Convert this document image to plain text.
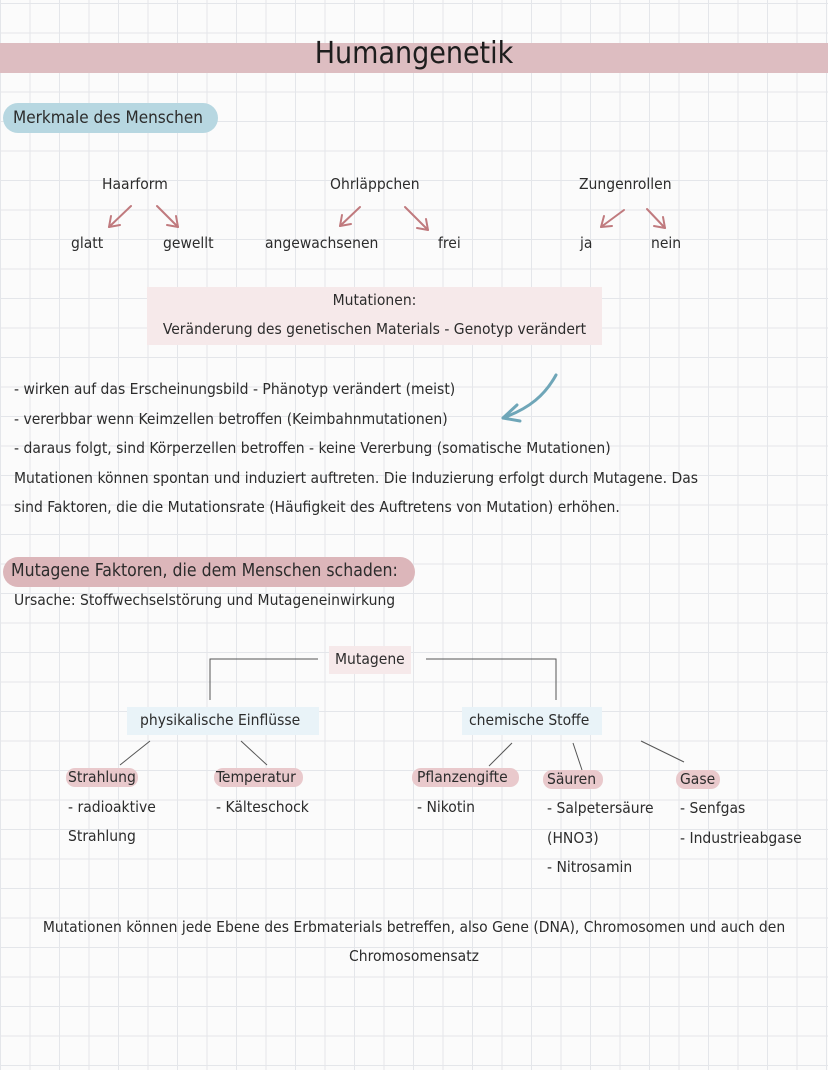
Humangenetik
Merkmale des Menschen
Haarform	Ohrläppchen	Zungenrollen
glatt	gewellt	angewachsenen	frei	ja	nein
Mutationen:
Veränderung des genetischen Materials - Genotyp verändert
- wirken auf das Erscheinungsbild - Phänotyp verändert (meist)
- vererbbar wenn Keimzellen betroffen (Keimbahnmutationen)
- daraus folgt, sind Körperzellen betroffen - keine Vererbung (somatische Mutationen)
Mutationen können spontan und induziert auftreten. Die Induzierung erfolgt durch Mutagene. Das
sind Faktoren, die die Mutationsrate (Häufigkeit des Auftretens von Mutation) erhöhen.
Mutagene Faktoren, die dem Menschen schaden:
Ursache: Stoffwechselstörung und Mutageneinwirkung
Mutagene
physikalische Einflüsse	chemische Stoffe
Strahlung
- radioaktive
Strahlung
Temperatur
- Kälteschock
Pflanzengifte
- Nikotin
Säuren
- Salpetersäure
(HNO3)
- Nitrosamin
Gase
- Senfgas
- Industrieabgase
Mutationen können jede Ebene des Erbmaterials betreffen, also Gene (DNA), Chromosomen und auch den
Chromosomensatz
